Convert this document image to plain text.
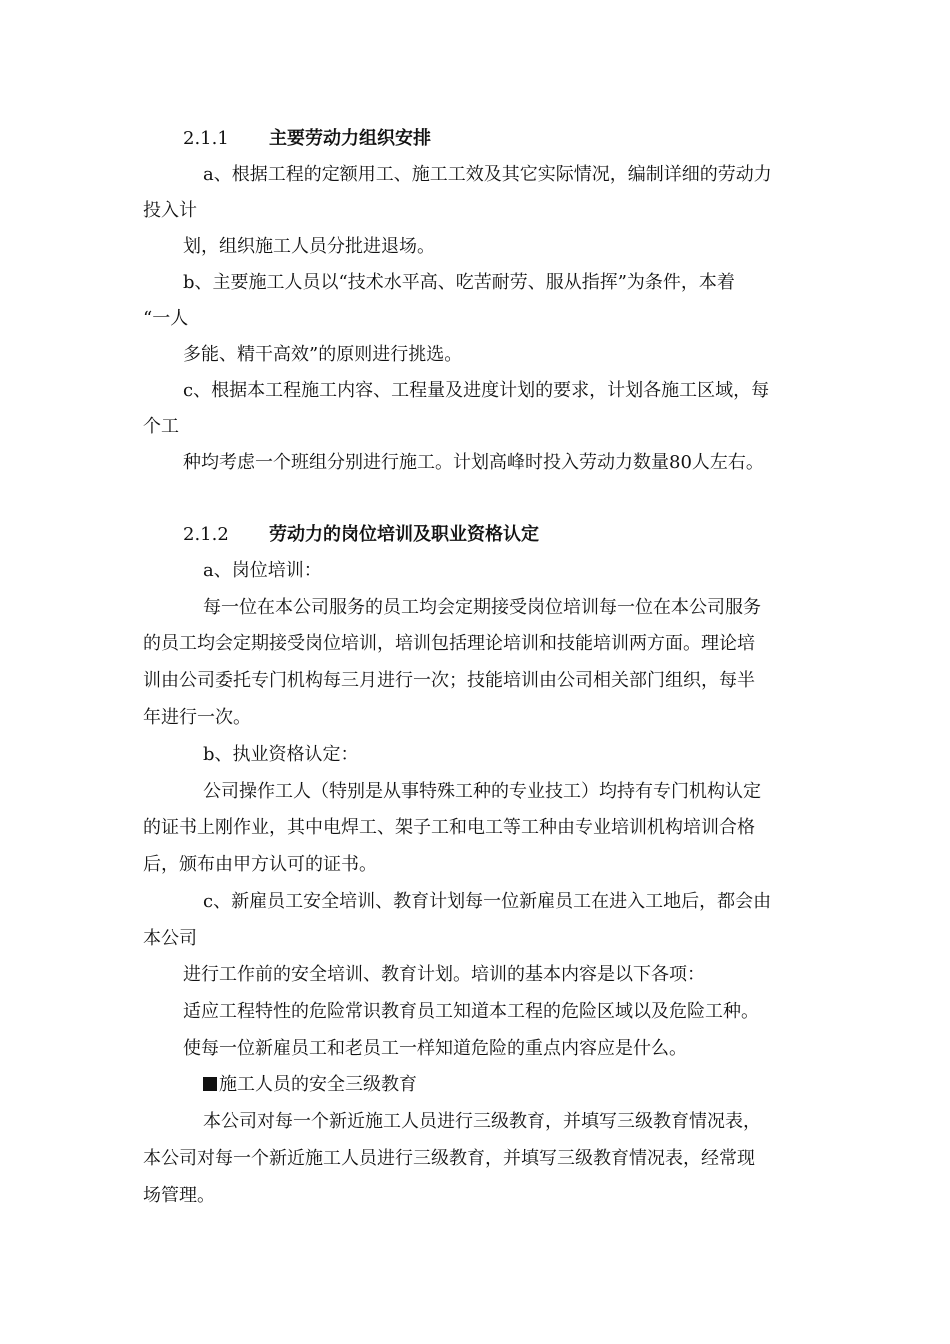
2.1.1 主要劳动力组织安排
a、根据工程的定额用工、施工工效及其它实际情况，编制详细的劳动力
投入计
划，组织施工人员分批进退场。
b、主要施工人员以“技术水平高、吃苦耐劳、服从指挥”为条件，本着
“一人
多能、精干高效”的原则进行挑选。
c、根据本工程施工内容、工程量及进度计划的要求，计划各施工区域，每
个工
种均考虑一个班组分别进行施工。计划高峰时投入劳动力数量80人左右。
2.1.2 劳动力的岗位培训及职业资格认定
a、岗位培训：
每一位在本公司服务的员工均会定期接受岗位培训每一位在本公司服务
的员工均会定期接受岗位培训，培训包括理论培训和技能培训两方面。理论培
训由公司委托专门机构每三月进行一次；技能培训由公司相关部门组织，每半
年进行一次。
b、执业资格认定：
公司操作工人（特别是从事特殊工种的专业技工）均持有专门机构认定
的证书上刚作业，其中电焊工、架子工和电工等工种由专业培训机构培训合格
后，颁布由甲方认可的证书。
c、新雇员工安全培训、教育计划每一位新雇员工在进入工地后，都会由
本公司
进行工作前的安全培训、教育计划。培训的基本内容是以下各项：
适应工程特性的危险常识教育员工知道本工程的危险区域以及危险工种。
使每一位新雇员工和老员工一样知道危险的重点内容应是什么。
施工人员的安全三级教育
本公司对每一个新近施工人员进行三级教育，并填写三级教育情况表，
本公司对每一个新近施工人员进行三级教育，并填写三级教育情况表，经常现
场管理。
